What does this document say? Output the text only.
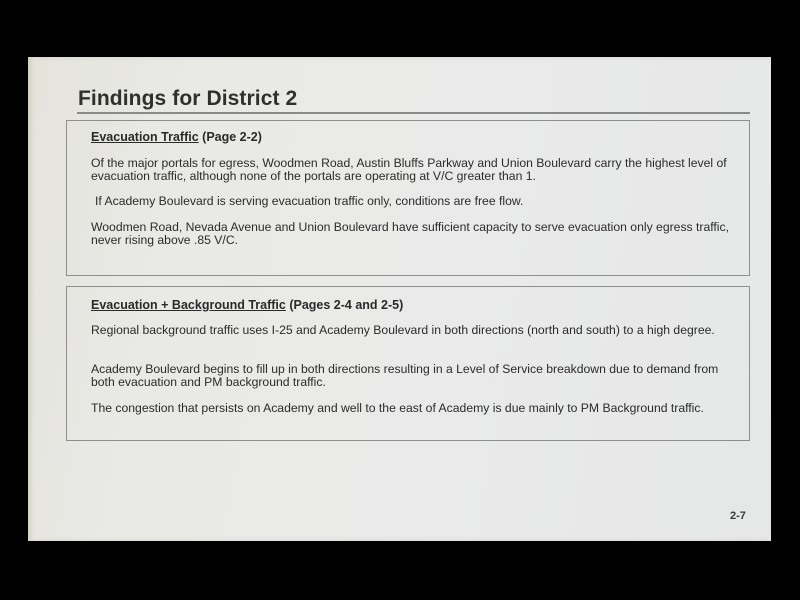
Findings for District 2
Evacuation Traffic (Page 2-2)
Of the major portals for egress, Woodmen Road, Austin Bluffs Parkway and Union Boulevard carry the highest level of evacuation traffic, although none of the portals are operating at V/C greater than 1.
If Academy Boulevard is serving evacuation traffic only, conditions are free flow.
Woodmen Road, Nevada Avenue and Union Boulevard have sufficient capacity to serve evacuation only egress traffic, never rising above .85 V/C.
Evacuation + Background Traffic (Pages 2-4 and 2-5)
Regional background traffic uses I-25 and Academy Boulevard in both directions (north and south) to a high degree.
Academy Boulevard begins to fill up in both directions resulting in a Level of Service breakdown due to demand from both evacuation and PM background traffic.
The congestion that persists on Academy and well to the east of Academy is due mainly to PM Background traffic.
2-7
